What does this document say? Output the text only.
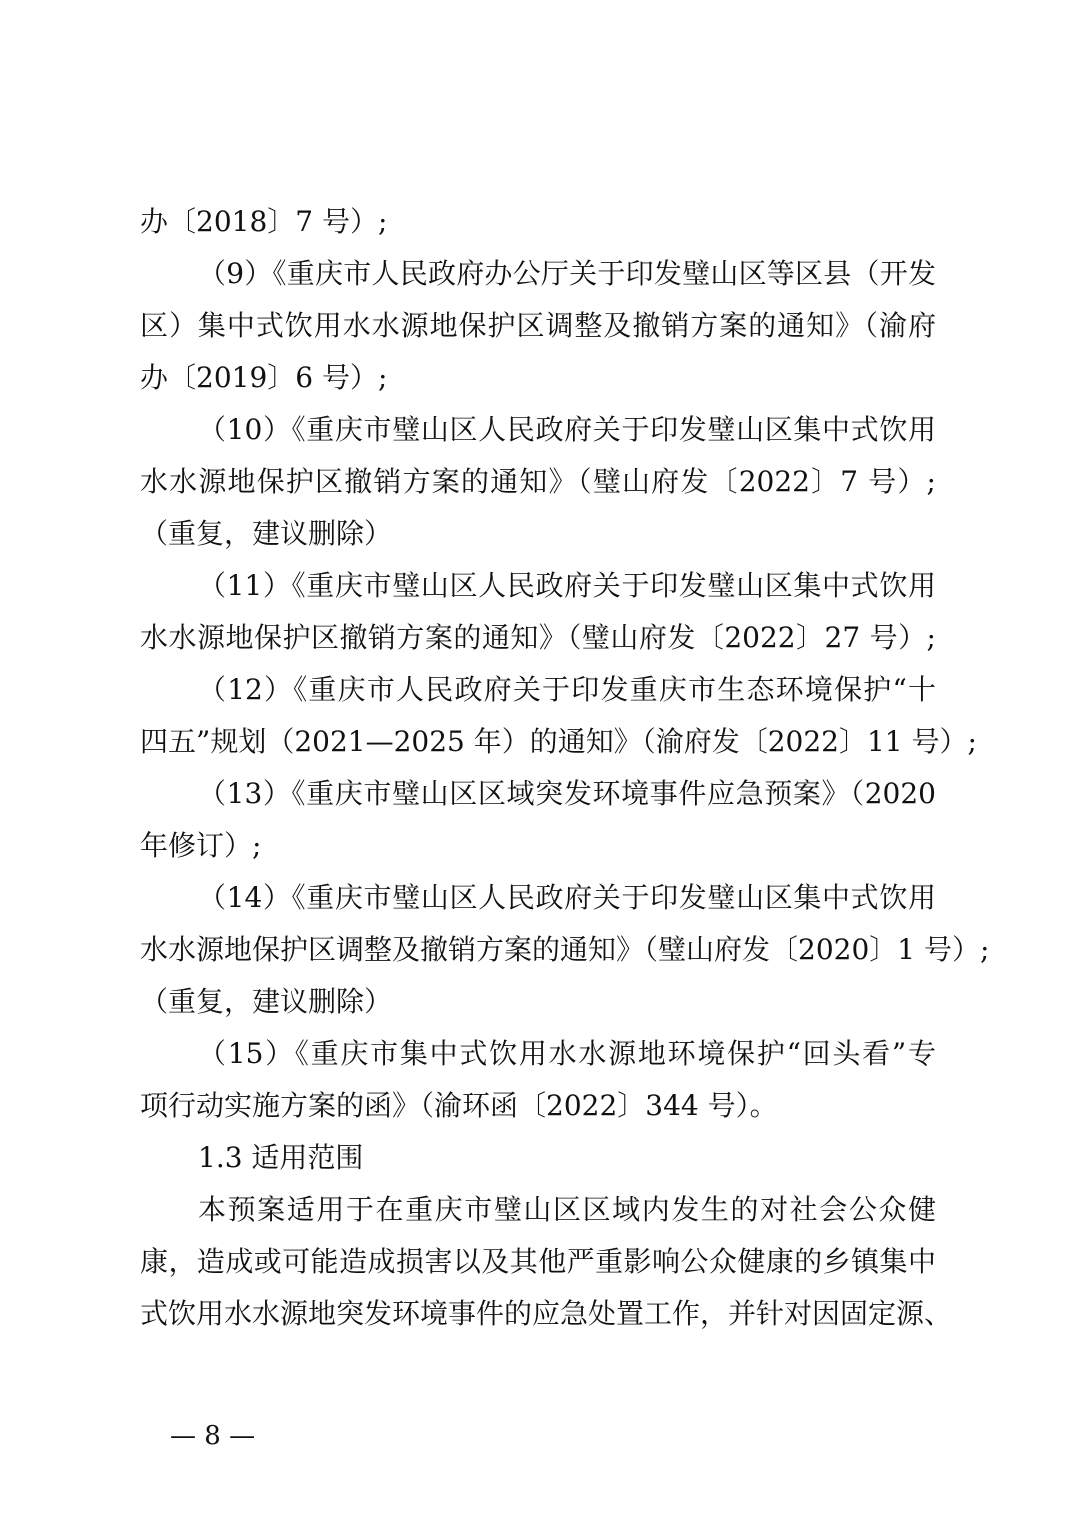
办〔2018〕7 号）;
（9）《重庆市人民政府办公厅关于印发璧山区等区县（开发
区）集中式饮用水水源地保护区调整及撤销方案的通知》（渝府
办〔2019〕6 号）;
（10）《重庆市璧山区人民政府关于印发璧山区集中式饮用
水水源地保护区撤销方案的通知》（璧山府发〔2022〕7 号）;
（重复，建议删除）
（11）《重庆市璧山区人民政府关于印发璧山区集中式饮用
水水源地保护区撤销方案的通知》（璧山府发〔2022〕27 号）;
（12）《重庆市人民政府关于印发重庆市生态环境保护“十
四五”规划（2021—2025 年）的通知》（渝府发〔2022〕11 号）;
（13）《重庆市璧山区区域突发环境事件应急预案》（2020
年修订）;
（14）《重庆市璧山区人民政府关于印发璧山区集中式饮用
水水源地保护区调整及撤销方案的通知》（璧山府发〔2020〕1 号）;
（重复，建议删除）
（15）《重庆市集中式饮用水水源地环境保护“回头看”专
项行动实施方案的函》（渝环函〔2022〕344 号）。
1.3 适用范围
本预案适用于在重庆市璧山区区域内发生的对社会公众健
康，造成或可能造成损害以及其他严重影响公众健康的乡镇集中
式饮用水水源地突发环境事件的应急处置工作，并针对因固定源、
— 8 —
